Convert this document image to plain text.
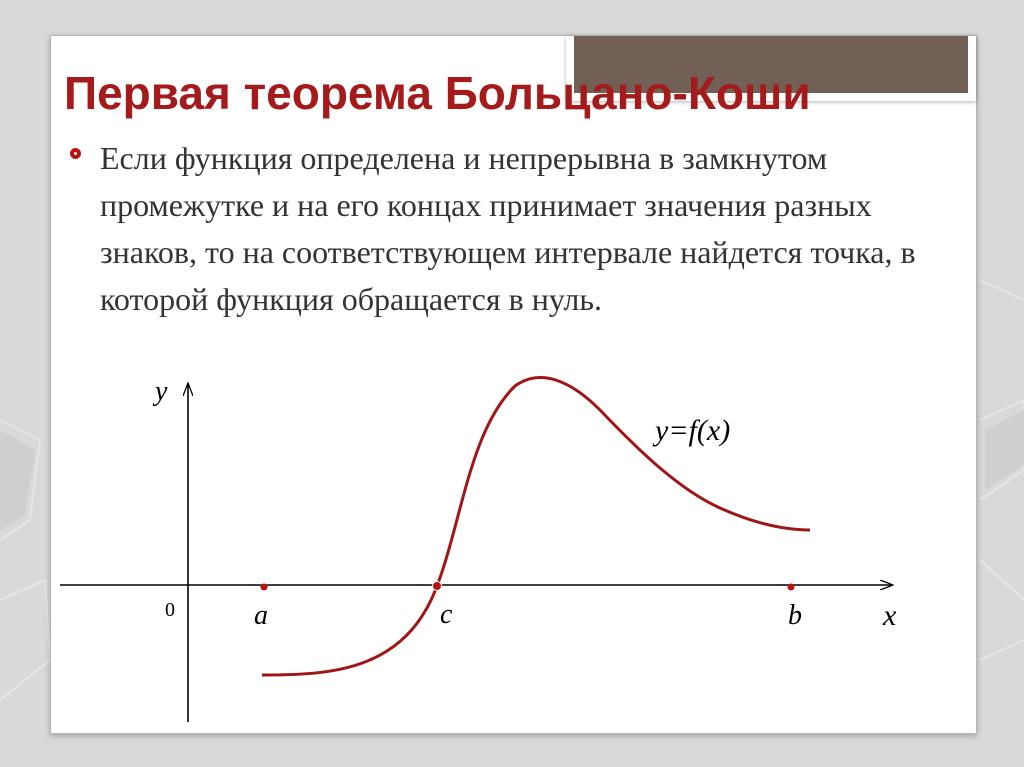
Первая теорема Больцано-Коши
Если функция определена и непрерывна в замкнутом промежутке и на его концах принимает значения разных знаков, то на соответствующем интервале найдется точка, в которой функция обращается в нуль.
y
x
0	a	c	b
y=f(x)
